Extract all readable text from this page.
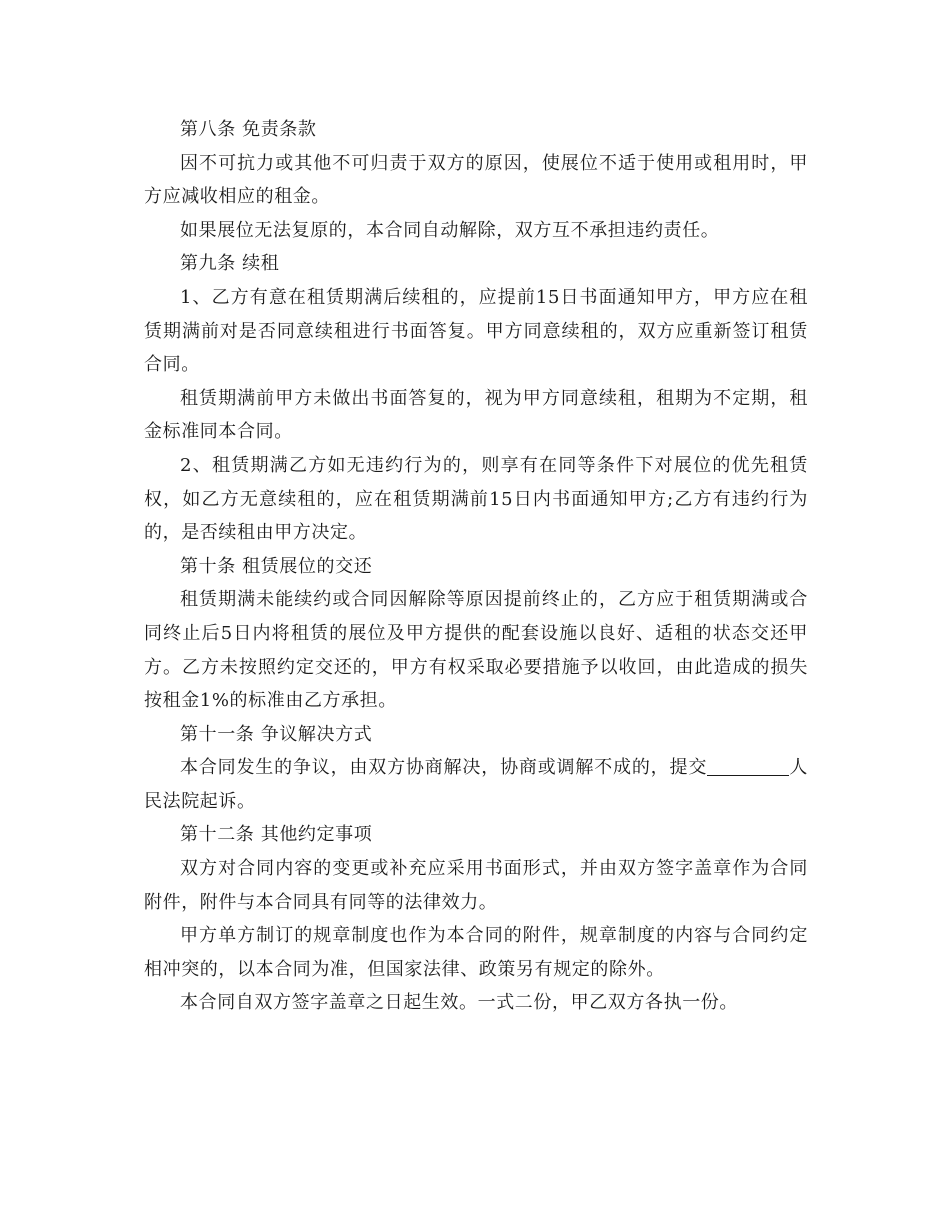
第八条 免责条款

因不可抗力或其他不可归责于双方的原因，使展位不适于使用或租用时，甲方应减收相应的租金。

如果展位无法复原的，本合同自动解除，双方互不承担违约责任。

第九条 续租

1、乙方有意在租赁期满后续租的，应提前15日书面通知甲方，甲方应在租赁期满前对是否同意续租进行书面答复。甲方同意续租的，双方应重新签订租赁合同。

租赁期满前甲方未做出书面答复的，视为甲方同意续租，租期为不定期，租金标准同本合同。

2、租赁期满乙方如无违约行为的，则享有在同等条件下对展位的优先租赁权，如乙方无意续租的，应在租赁期满前15日内书面通知甲方;乙方有违约行为的，是否续租由甲方决定。

第十条 租赁展位的交还

租赁期满未能续约或合同因解除等原因提前终止的，乙方应于租赁期满或合同终止后5日内将租赁的展位及甲方提供的配套设施以良好、适租的状态交还甲方。乙方未按照约定交还的，甲方有权采取必要措施予以收回，由此造成的损失按租金1%的标准由乙方承担。

第十一条 争议解决方式

本合同发生的争议，由双方协商解决，协商或调解不成的，提交	人民法院起诉。

第十二条 其他约定事项

双方对合同内容的变更或补充应采用书面形式，并由双方签字盖章作为合同附件，附件与本合同具有同等的法律效力。

甲方单方制订的规章制度也作为本合同的附件，规章制度的内容与合同约定相冲突的，以本合同为准，但国家法律、政策另有规定的除外。

本合同自双方签字盖章之日起生效。一式二份，甲乙双方各执一份。
